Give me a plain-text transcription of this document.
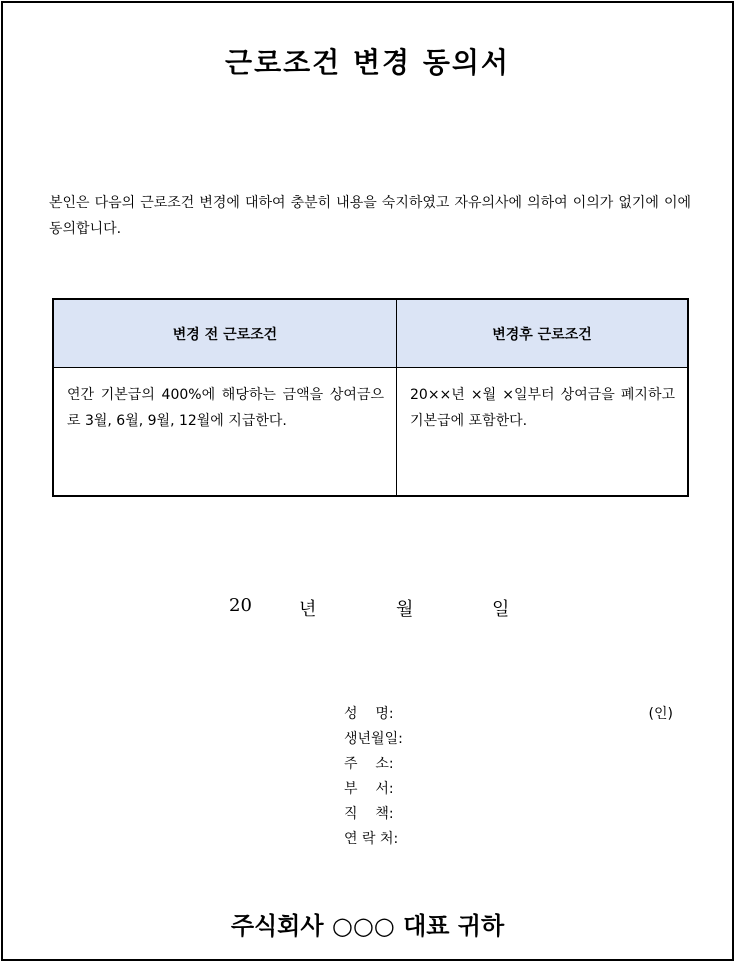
근로조건 변경 동의서
본인은 다음의 근로조건 변경에 대하여 충분히 내용을 숙지하였고 자유의사에 의하여 이의가 없기에 이에 동의합니다.
변경 전 근로조건	변경후 근로조건
연간 기본급의 400%에 해당하는 금액을 상여금으로 3월, 6월, 9월, 12월에 지급한다.	20××년 ×월 ×일부터 상여금을 폐지하고 기본급에 포함한다.
20	년	월	일
성    명:	(인)
생년월일:
주    소:
부    서:
직    책:
연 락 처:
주식회사 ○○○ 대표 귀하
